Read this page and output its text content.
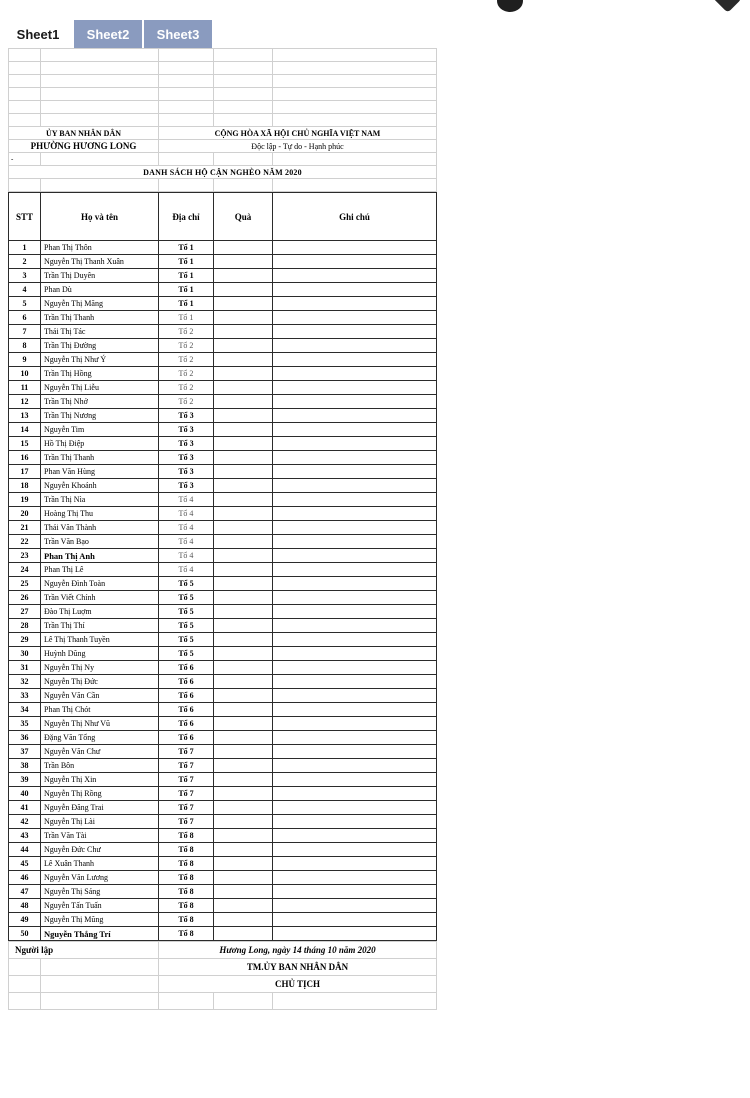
Sheet1 Sheet2 Sheet3

ỦY BAN NHÂN DÂN		CỘNG HÒA XÃ HỘI CHỦ NGHĨA VIỆT NAM		
PHƯỜNG HƯƠNG LONG		Độc lập - Tự do - Hạnh phúc		
-				
DANH SÁCH HỘ CẬN NGHÈO NĂM 2020				

STT	Họ và tên	Địa chỉ	Quà	Ghi chú
1	Phan Thị Thôn	Tổ 1		
2	Nguyễn Thị Thanh Xuân	Tổ 1		
3	Trần Thị Duyên	Tổ 1		
4	Phan Dù	Tổ 1		
5	Nguyễn Thị Măng	Tổ 1		
6	Trần Thị Thanh	Tổ 1		
7	Thái Thị Tác	Tổ 2		
8	Trần Thị Đường	Tổ 2		
9	Nguyễn Thị Như Ý	Tổ 2		
10	Trần Thị Hồng	Tổ 2		
11	Nguyễn Thị Liễu	Tổ 2		
12	Trần Thị Nhở	Tổ 2		
13	Trần Thị Nương	Tổ 3		
14	Nguyễn Tim	Tổ 3		
15	Hồ Thị Điệp	Tổ 3		
16	Trần Thị Thanh	Tổ 3		
17	Phan Văn Hùng	Tổ 3		
18	Nguyễn Khoánh	Tổ 3		
19	Trần Thị Nìa	Tổ 4		
20	Hoàng Thị Thu	Tổ 4		
21	Thái Văn Thành	Tổ 4		
22	Trần Văn Bạo	Tổ 4		
23	Phan Thị Anh	Tổ 4		
24	Phan Thị Lê	Tổ 4		
25	Nguyễn Đình Toàn	Tổ 5		
26	Trần Viết Chính	Tổ 5		
27	Đào Thị Luợm	Tổ 5		
28	Trần Thị Thí	Tổ 5		
29	Lê Thị Thanh Tuyền	Tổ 5		
30	Huỳnh Dũng	Tổ 5		
31	Nguyễn Thị Ny	Tổ 6		
32	Nguyễn Thị Đức	Tổ 6		
33	Nguyễn Văn Cần	Tổ 6		
34	Phan Thị Chót	Tổ 6		
35	Nguyễn Thị Như Vũ	Tổ 6		
36	Đặng Văn Tổng	Tổ 6		
37	Nguyễn Văn Chư	Tổ 7		
38	Trần Bôn	Tổ 7		
39	Nguyễn Thị Xin	Tổ 7		
40	Nguyễn Thị Rồng	Tổ 7		
41	Nguyễn Đăng Trai	Tổ 7		
42	Nguyễn Thị Lài	Tổ 7		
43	Trần Văn Tài	Tổ 8		
44	Nguyễn Đức Chư	Tổ 8		
45	Lê Xuân Thanh	Tổ 8		
46	Nguyễn Văn Lương	Tổ 8		
47	Nguyễn Thị Sáng	Tổ 8		
48	Nguyễn Tấn Tuấn	Tổ 8		
49	Nguyễn Thị Mũng	Tổ 8		
50	Nguyễn Thắng Trí	Tổ 8		
Người lập		Hương Long, ngày 14 tháng 10 năm 2020		
		TM.ỦY BAN NHÂN DÂN		
		CHỦ TỊCH		
